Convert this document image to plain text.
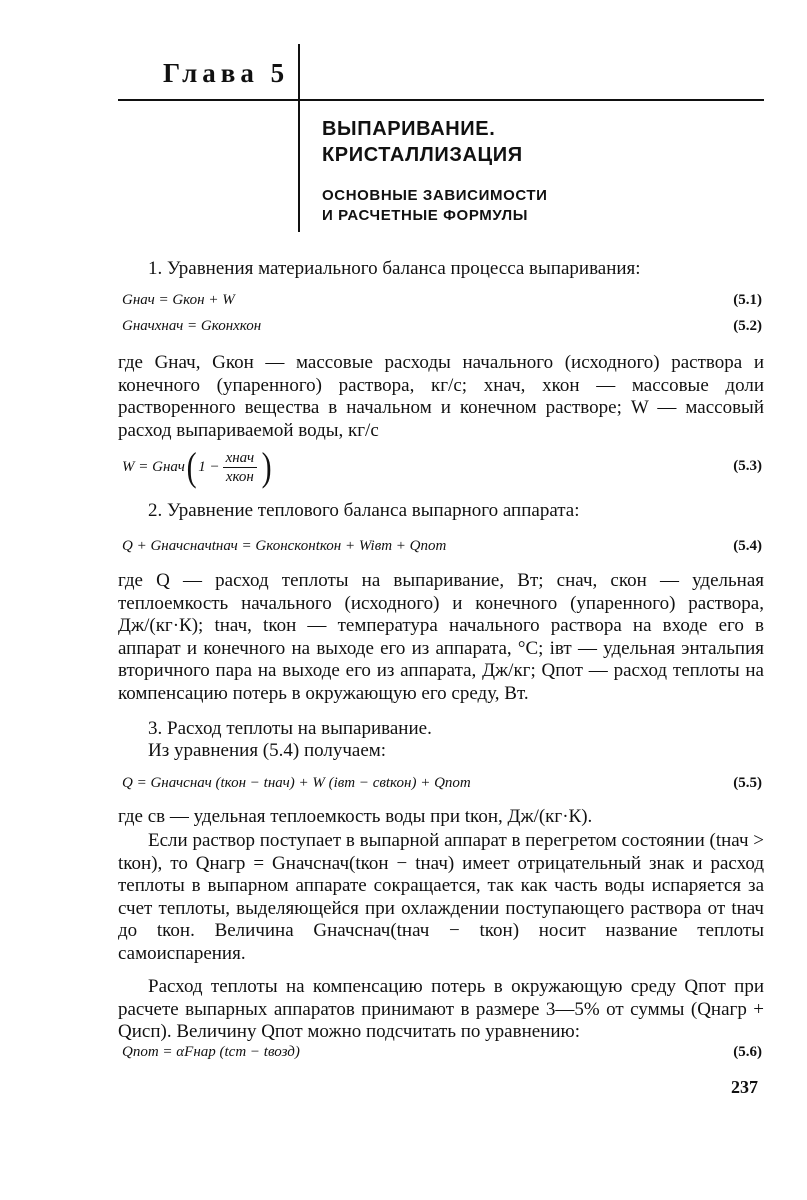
Глава 5
ВЫПАРИВАНИЕ.
КРИСТАЛЛИЗАЦИЯ
ОСНОВНЫЕ ЗАВИСИМОСТИ
И РАСЧЕТНЫЕ ФОРМУЛЫ
1. Уравнения материального баланса процесса выпаривания:
Gнач = Gкон + W	(5.1)
Gначxнач = Gконxкон	(5.2)
где Gнач, Gкон — массовые расходы начального (исходного) раствора и конечного (упаренного) раствора, кг/с; xнач, xкон — массовые доли растворенного вещества в начальном и конечном растворе; W — массовый расход выпариваемой воды, кг/с
W = Gнач ( $1 - \frac{\text{xнач}}{\text{xкон}}$ )	(5.3)
2. Уравнение теплового баланса выпарного аппарата:
Q + Gначcначtнач = Gконcконtкон + Wiвт + Qпот	(5.4)
где Q — расход теплоты на выпаривание, Вт; cнач, cкон — удельная теплоемкость начального (исходного) и конечного (упаренного) раствора, Дж/(кг·К); tнач, tкон — температура начального раствора на входе его в аппарат и конечного на выходе его из аппарата, °С; iвт — удельная энтальпия вторичного пара на выходе его из аппарата, Дж/кг; Qпот — расход теплоты на компенсацию потерь в окружающую его среду, Вт.
3. Расход теплоты на выпаривание.
Из уравнения (5.4) получаем:
Q = Gначcнач (tкон − tнач) + W (iвт − cвtкон) + Qпот	(5.5)
где cв — удельная теплоемкость воды при tкон, Дж/(кг·К).
Если раствор поступает в выпарной аппарат в перегретом состоянии (tнач > tкон), то Qнагр = Gначcнач(tкон − tнач) имеет отрицательный знак и расход теплоты в выпарном аппарате сокращается, так как часть воды испаряется за счет теплоты, выделяющейся при охлаждении поступающего раствора от tнач до tкон. Величина Gначcнач(tнач − tкон) носит название теплоты самоиспарения.
Расход теплоты на компенсацию потерь в окружающую среду Qпот при расчете выпарных аппаратов принимают в размере 3—5% от суммы (Qнагр + Qисп). Величину Qпот можно подсчитать по уравнению:
Qпот = αFнар (tст − tвозд)	(5.6)
237
